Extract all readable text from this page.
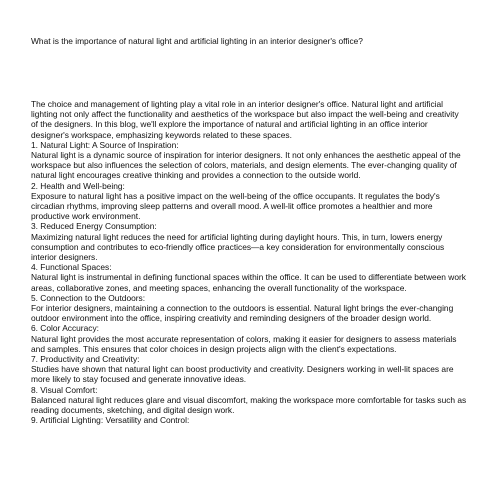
What is the importance of natural light and artificial lighting in an interior designer's office?

The choice and management of lighting play a vital role in an interior designer's office. Natural light and artificial lighting not only affect the functionality and aesthetics of the workspace but also impact the well-being and creativity of the designers. In this blog, we'll explore the importance of natural and artificial lighting in an office interior designer's workspace, emphasizing keywords related to these spaces.

1. Natural Light: A Source of Inspiration:

Natural light is a dynamic source of inspiration for interior designers. It not only enhances the aesthetic appeal of the workspace but also influences the selection of colors, materials, and design elements. The ever-changing quality of natural light encourages creative thinking and provides a connection to the outside world.

2. Health and Well-being:

Exposure to natural light has a positive impact on the well-being of the office occupants. It regulates the body's circadian rhythms, improving sleep patterns and overall mood. A well-lit office promotes a healthier and more productive work environment.

3. Reduced Energy Consumption:

Maximizing natural light reduces the need for artificial lighting during daylight hours. This, in turn, lowers energy consumption and contributes to eco-friendly office practices—a key consideration for environmentally conscious interior designers.

4. Functional Spaces:

Natural light is instrumental in defining functional spaces within the office. It can be used to differentiate between work areas, collaborative zones, and meeting spaces, enhancing the overall functionality of the workspace.

5. Connection to the Outdoors:

For interior designers, maintaining a connection to the outdoors is essential. Natural light brings the ever-changing outdoor environment into the office, inspiring creativity and reminding designers of the broader design world.

6. Color Accuracy:

Natural light provides the most accurate representation of colors, making it easier for designers to assess materials and samples. This ensures that color choices in design projects align with the client's expectations.

7. Productivity and Creativity:

Studies have shown that natural light can boost productivity and creativity. Designers working in well-lit spaces are more likely to stay focused and generate innovative ideas.

8. Visual Comfort:

Balanced natural light reduces glare and visual discomfort, making the workspace more comfortable for tasks such as reading documents, sketching, and digital design work.

9. Artificial Lighting: Versatility and Control:
